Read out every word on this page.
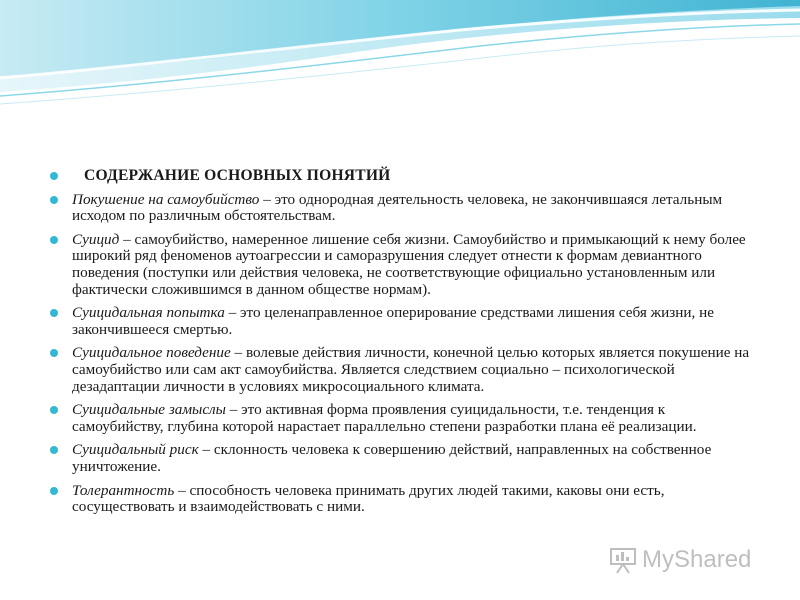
СОДЕРЖАНИЕ ОСНОВНЫХ ПОНЯТИЙ
Покушение на самоубийство – это однородная деятельность человека, не закончившаяся летальным исходом по различным обстоятельствам.
Суицид – самоубийство, намеренное лишение себя жизни. Самоубийство и примыкающий к нему более широкий ряд феноменов аутоагрессии и саморазрушения следует отнести к формам девиантного поведения (поступки или действия человека, не соответствующие официально установленным или фактически сложившимся в данном обществе нормам).
Суицидальная попытка – это целенаправленное оперирование средствами лишения себя жизни, не закончившееся смертью.
Суицидальное поведение – волевые действия личности, конечной целью которых является покушение на самоубийство или сам акт самоубийства. Является следствием социально – психологической дезадаптации личности в условиях микросоциального климата.
Суицидальные замыслы – это активная форма проявления суицидальности, т.е. тенденция к самоубийству, глубина которой нарастает параллельно степени разработки плана её реализации.
Суицидальный риск – склонность человека к совершению действий, направленных на собственное уничтожение.
Толерантность – способность человека принимать других людей такими, каковы они есть, сосуществовать и взаимодействовать с ними.
MyShared
